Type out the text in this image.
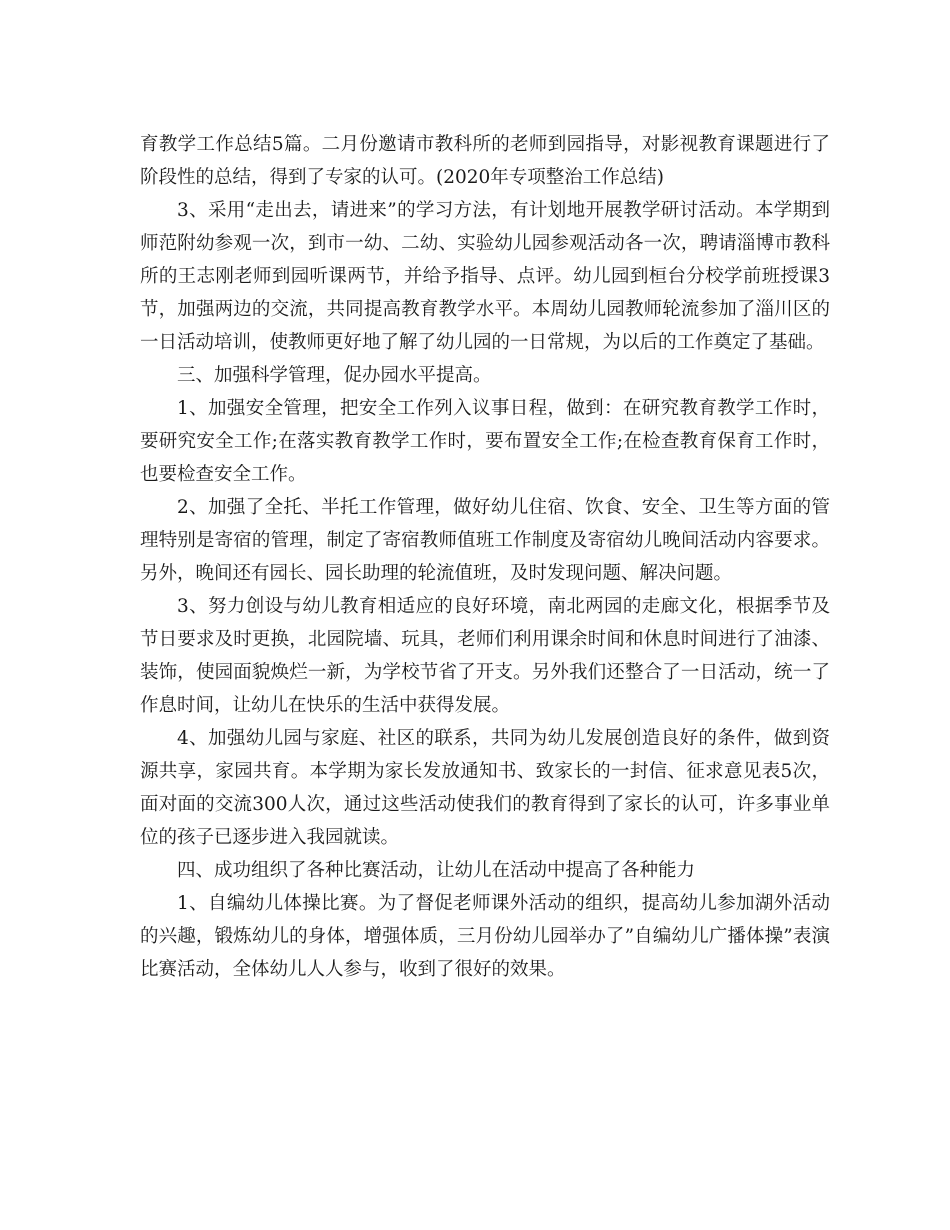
育教学工作总结5篇。二月份邀请市教科所的老师到园指导，对影视教育课题进行了阶段性的总结，得到了专家的认可。(2020年专项整治工作总结)

3、采用“走出去，请进来”的学习方法，有计划地开展教学研讨活动。本学期到师范附幼参观一次，到市一幼、二幼、实验幼儿园参观活动各一次，聘请淄博市教科所的王志刚老师到园听课两节，并给予指导、点评。幼儿园到桓台分校学前班授课3节，加强两边的交流，共同提高教育教学水平。本周幼儿园教师轮流参加了淄川区的一日活动培训，使教师更好地了解了幼儿园的一日常规，为以后的工作奠定了基础。

三、加强科学管理，促办园水平提高。

1、加强安全管理，把安全工作列入议事日程，做到：在研究教育教学工作时，要研究安全工作;在落实教育教学工作时，要布置安全工作;在检查教育保育工作时，也要检查安全工作。

2、加强了全托、半托工作管理，做好幼儿住宿、饮食、安全、卫生等方面的管理特别是寄宿的管理，制定了寄宿教师值班工作制度及寄宿幼儿晚间活动内容要求。另外，晚间还有园长、园长助理的轮流值班，及时发现问题、解决问题。

3、努力创设与幼儿教育相适应的良好环境，南北两园的走廊文化，根据季节及节日要求及时更换，北园院墙、玩具，老师们利用课余时间和休息时间进行了油漆、装饰，使园面貌焕烂一新，为学校节省了开支。另外我们还整合了一日活动，统一了作息时间，让幼儿在快乐的生活中获得发展。

4、加强幼儿园与家庭、社区的联系，共同为幼儿发展创造良好的条件，做到资源共享，家园共育。本学期为家长发放通知书、致家长的一封信、征求意见表5次，面对面的交流300人次，通过这些活动使我们的教育得到了家长的认可，许多事业单位的孩子已逐步进入我园就读。

四、成功组织了各种比赛活动，让幼儿在活动中提高了各种能力

1、自编幼儿体操比赛。为了督促老师课外活动的组织，提高幼儿参加湖外活动的兴趣，锻炼幼儿的身体，增强体质，三月份幼儿园举办了”自编幼儿广播体操”表演比赛活动，全体幼儿人人参与，收到了很好的效果。
